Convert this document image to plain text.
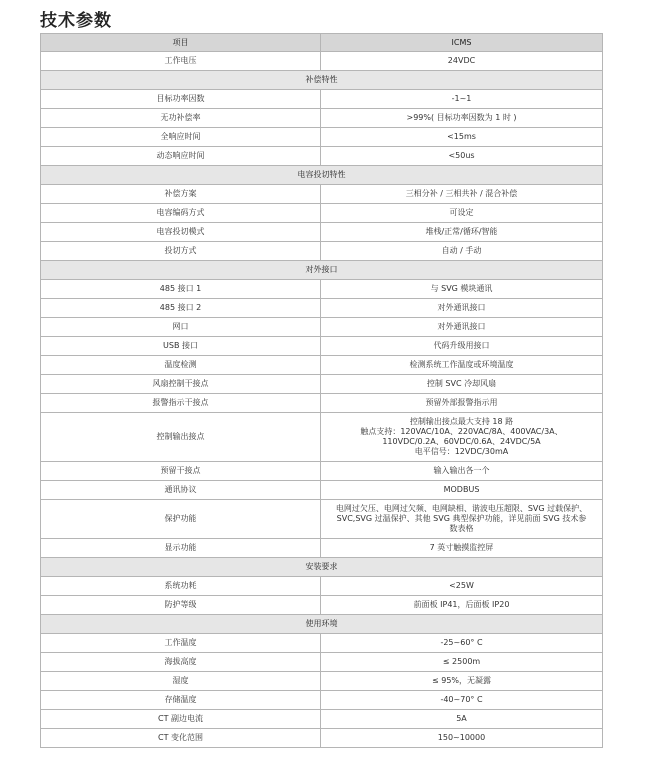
技术参数
项目	ICMS
工作电压	24VDC
补偿特性	
目标功率因数	-1~1
无功补偿率	>99%( 目标功率因数为 1 时 )
全响应时间	<15ms
动态响应时间	<50us
电容投切特性	
补偿方案	三相分补 / 三相共补 / 混合补偿
电容编码方式	可设定
电容投切模式	堆栈/正常/循环/智能
投切方式	自动 / 手动
对外接口	
485 接口 1	与 SVG 模块通讯
485 接口 2	对外通讯接口
网口	对外通讯接口
USB 接口	代码升级用接口
温度检测	检测系统工作温度或环境温度
风扇控制干接点	控制 SVC 冷却风扇
报警指示干接点	预留外部报警指示用
控制输出接点	控制输出接点最大支持 18 路
触点支持：120VAC/10A、220VAC/8A、400VAC/3A、
110VDC/0.2A、60VDC/0.6A、24VDC/5A
电平信号：12VDC/30mA

预留干接点	输入输出各一个
通讯协议	MODBUS
保护功能	电网过欠压、电网过欠频、电网缺相、谐波电压超限、SVG 过载保护、
SVC,SVG 过温保护、其他 SVG 典型保护功能，详见前面 SVG 技术参
数表格

显示功能	7 英寸触摸监控屏
安装要求	
系统功耗	<25W
防护等级	前面板 IP41，后面板 IP20
使用环境	
工作温度	-25~60° C
海拔高度	≤ 2500m
湿度	≤ 95%，无凝露
存储温度	-40~70° C
CT 副边电流	5A
CT 变化范围	150~10000
